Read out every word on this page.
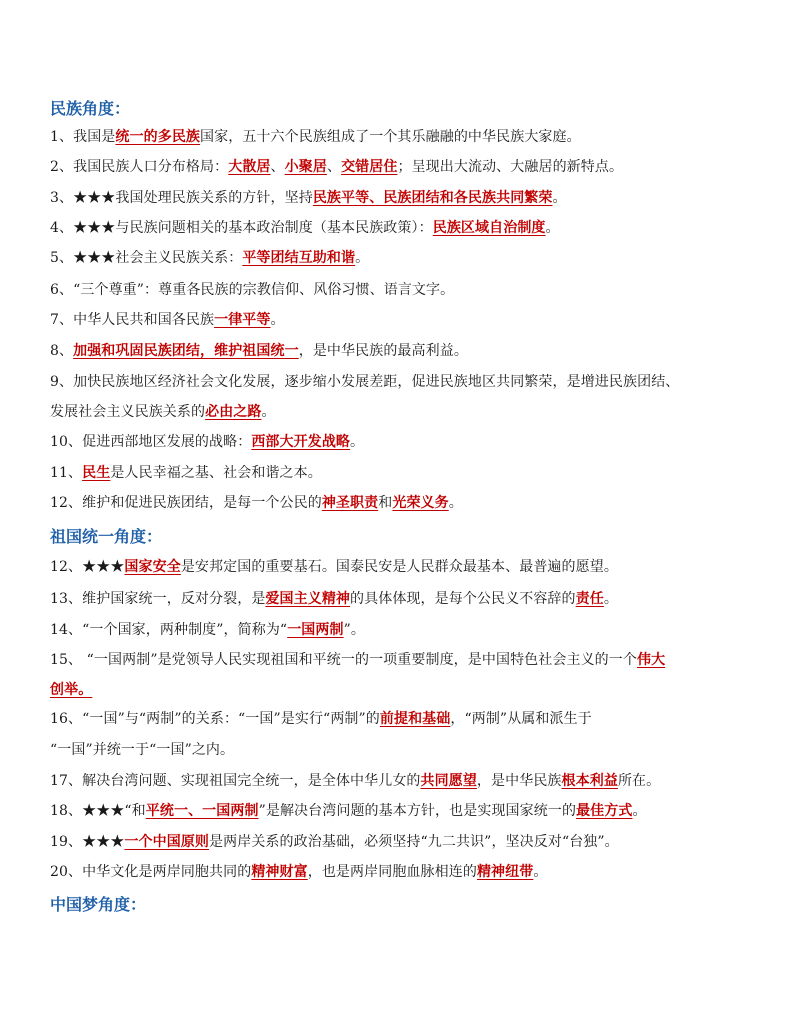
民族角度：
1、我国是统一的多民族国家，五十六个民族组成了一个其乐融融的中华民族大家庭。
2、我国民族人口分布格局：大散居、小聚居、交错居住；呈现出大流动、大融居的新特点。
3、★★★我国处理民族关系的方针，坚持民族平等、民族团结和各民族共同繁荣。
4、★★★与民族问题相关的基本政治制度（基本民族政策）：民族区域自治制度。
5、★★★社会主义民族关系：平等团结互助和谐。
6、“三个尊重”：尊重各民族的宗教信仰、风俗习惯、语言文字。
7、中华人民共和国各民族一律平等。
8、加强和巩固民族团结，维护祖国统一，是中华民族的最高利益。
9、加快民族地区经济社会文化发展，逐步缩小发展差距，促进民族地区共同繁荣，是增进民族团结、
发展社会主义民族关系的必由之路。
10、促进西部地区发展的战略：西部大开发战略。
11、民生是人民幸福之基、社会和谐之本。
12、维护和促进民族团结，是每一个公民的神圣职责和光荣义务。
祖国统一角度：
12、★★★国家安全是安邦定国的重要基石。国泰民安是人民群众最基本、最普遍的愿望。
13、维护国家统一，反对分裂，是爱国主义精神的具体体现，是每个公民义不容辞的责任。
14、“一个国家，两种制度”，简称为“一国两制”。
15、 “一国两制”是党领导人民实现祖国和平统一的一项重要制度，是中国特色社会主义的一个伟大
创举。
16、“一国”与“两制”的关系：“一国”是实行“两制”的前提和基础，“两制”从属和派生于
“一国”并统一于“一国”之内。
17、解决台湾问题、实现祖国完全统一，是全体中华儿女的共同愿望，是中华民族根本利益所在。
18、★★★“和平统一、一国两制”是解决台湾问题的基本方针，也是实现国家统一的最佳方式。
19、★★★一个中国原则是两岸关系的政治基础，必须坚持“九二共识”，坚决反对“台独”。
20、中华文化是两岸同胞共同的精神财富，也是两岸同胞血脉相连的精神纽带。
中国梦角度：
